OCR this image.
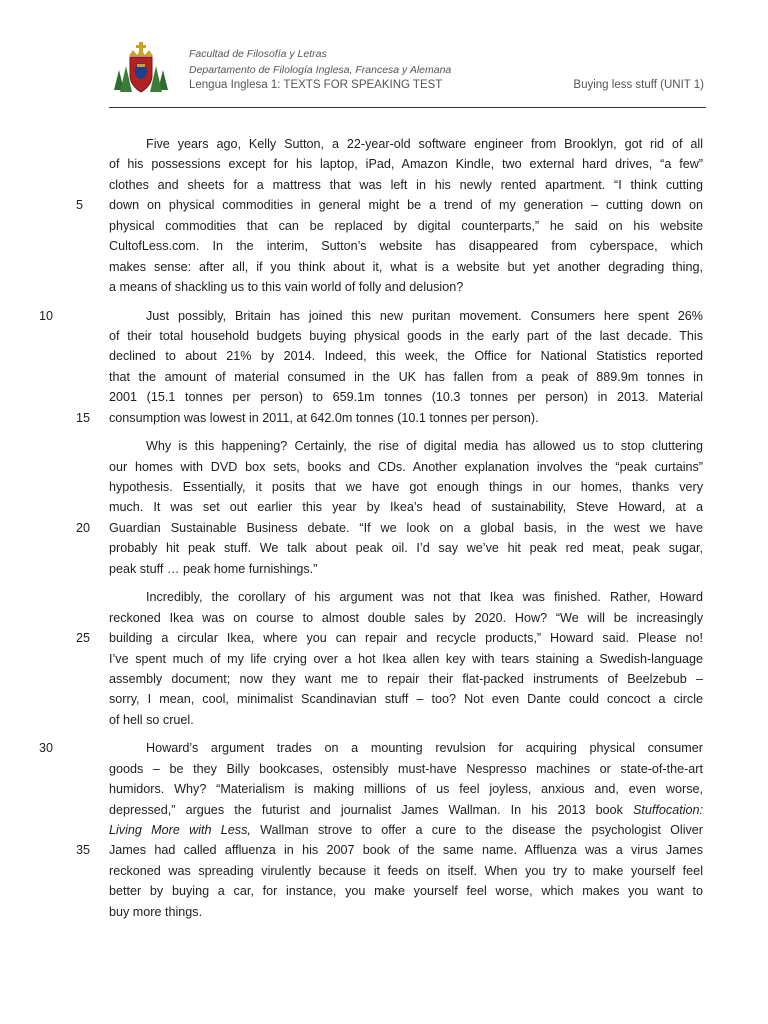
Facultad de Filosofía y Letras
Departamento de Filología Inglesa, Francesa y Alemana
Lengua Inglesa 1: TEXTS FOR SPEAKING TEST	Buying less stuff (UNIT 1)
Five years ago, Kelly Sutton, a 22-year-old software engineer from Brooklyn, got rid of all
of his possessions except for his laptop, iPad, Amazon Kindle, two external hard drives, “a few”
clothes and sheets for a mattress that was left in his newly rented apartment. “I think cutting
5	down on physical commodities in general might be a trend of my generation – cutting down on
physical commodities that can be replaced by digital counterparts,” he said on his website
CultofLess.com. In the interim, Sutton’s website has disappeared from cyberspace, which
makes sense: after all, if you think about it, what is a website but yet another degrading thing,
a means of shackling us to this vain world of folly and delusion?
10	Just possibly, Britain has joined this new puritan movement. Consumers here spent 26%
of their total household budgets buying physical goods in the early part of the last decade. This
declined to about 21% by 2014. Indeed, this week, the Office for National Statistics reported
that the amount of material consumed in the UK has fallen from a peak of 889.9m tonnes in
2001 (15.1 tonnes per person) to 659.1m tonnes (10.3 tonnes per person) in 2013. Material
15	consumption was lowest in 2011, at 642.0m tonnes (10.1 tonnes per person).
Why is this happening? Certainly, the rise of digital media has allowed us to stop cluttering
our homes with DVD box sets, books and CDs. Another explanation involves the “peak curtains”
hypothesis. Essentially, it posits that we have got enough things in our homes, thanks very
much. It was set out earlier this year by Ikea’s head of sustainability, Steve Howard, at a
20	Guardian Sustainable Business debate. “If we look on a global basis, in the west we have
probably hit peak stuff. We talk about peak oil. I’d say we’ve hit peak red meat, peak sugar,
peak stuff … peak home furnishings.”
Incredibly, the corollary of his argument was not that Ikea was finished. Rather, Howard
reckoned Ikea was on course to almost double sales by 2020. How? “We will be increasingly
25	building a circular Ikea, where you can repair and recycle products,” Howard said. Please no!
I’ve spent much of my life crying over a hot Ikea allen key with tears staining a Swedish-language
assembly document; now they want me to repair their flat-packed instruments of Beelzebub –
sorry, I mean, cool, minimalist Scandinavian stuff – too? Not even Dante could concoct a circle
of hell so cruel.
30	Howard’s argument trades on a mounting revulsion for acquiring physical consumer
goods – be they Billy bookcases, ostensibly must-have Nespresso machines or state-of-the-art
humidors. Why? “Materialism is making millions of us feel joyless, anxious and, even worse,
depressed,” argues the futurist and journalist James Wallman. In his 2013 book Stuffocation:
Living More with Less, Wallman strove to offer a cure to the disease the psychologist Oliver
35	James had called affluenza in his 2007 book of the same name. Affluenza was a virus James
reckoned was spreading virulently because it feeds on itself. When you try to make yourself feel
better by buying a car, for instance, you make yourself feel worse, which makes you want to
buy more things.
